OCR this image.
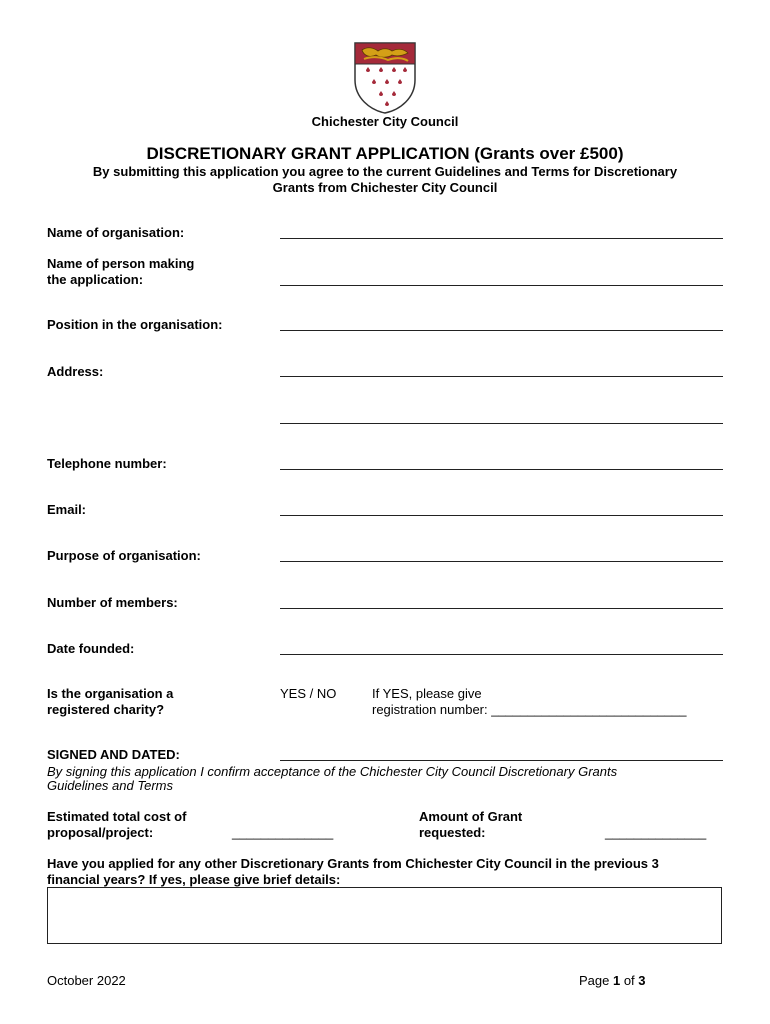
Chichester City Council
DISCRETIONARY GRANT APPLICATION (Grants over £500)
By submitting this application you agree to the current Guidelines and Terms for Discretionary
Grants from Chichester City Council
Name of organisation:
Name of person making
the application:
Position in the organisation:
Address:
Telephone number:
Email:
Purpose of organisation:
Number of members:
Date founded:
Is the organisation a
registered charity?
YES / NO	If YES, please give
registration number: ___________________________
SIGNED AND DATED:
By signing this application I confirm acceptance of the Chichester City Council Discretionary Grants
Guidelines and Terms
Estimated total cost of
proposal/project:	______________
Amount of Grant
requested:	______________
Have you applied for any other Discretionary Grants from Chichester City Council in the previous 3
financial years? If yes, please give brief details:
October 2022	Page 1 of 3
